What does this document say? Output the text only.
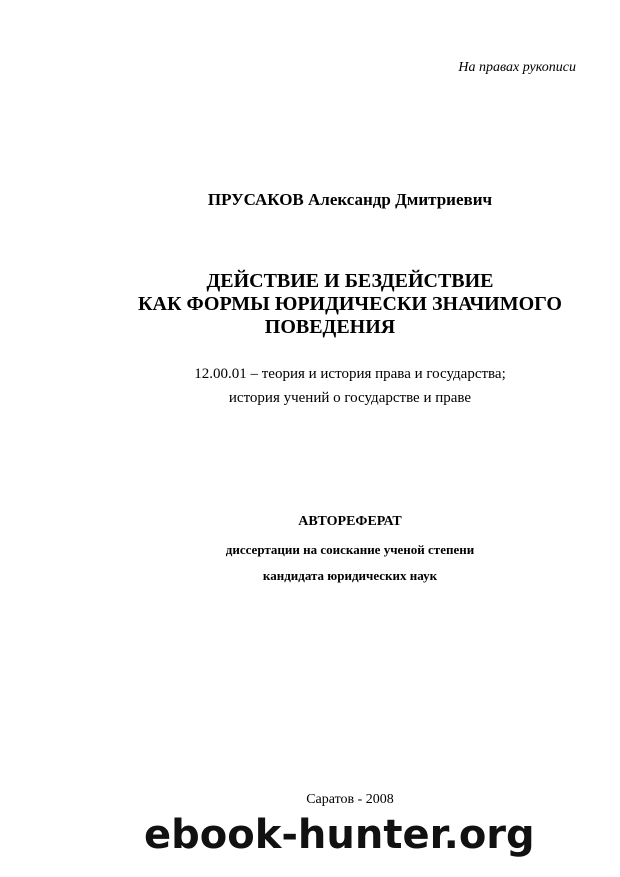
На правах рукописи

ПРУСАКОВ Александр Дмитриевич

ДЕЙСТВИЕ И БЕЗДЕЙСТВИЕ

КАК ФОРМЫ ЮРИДИЧЕСКИ ЗНАЧИМОГО

ПОВЕДЕНИЯ

12.00.01 – теория и история права и государства;

история учений о государстве и праве

АВТОРЕФЕРАТ

диссертации на соискание ученой степени

кандидата юридических наук

Саратов - 2008

ebook-hunter.org
